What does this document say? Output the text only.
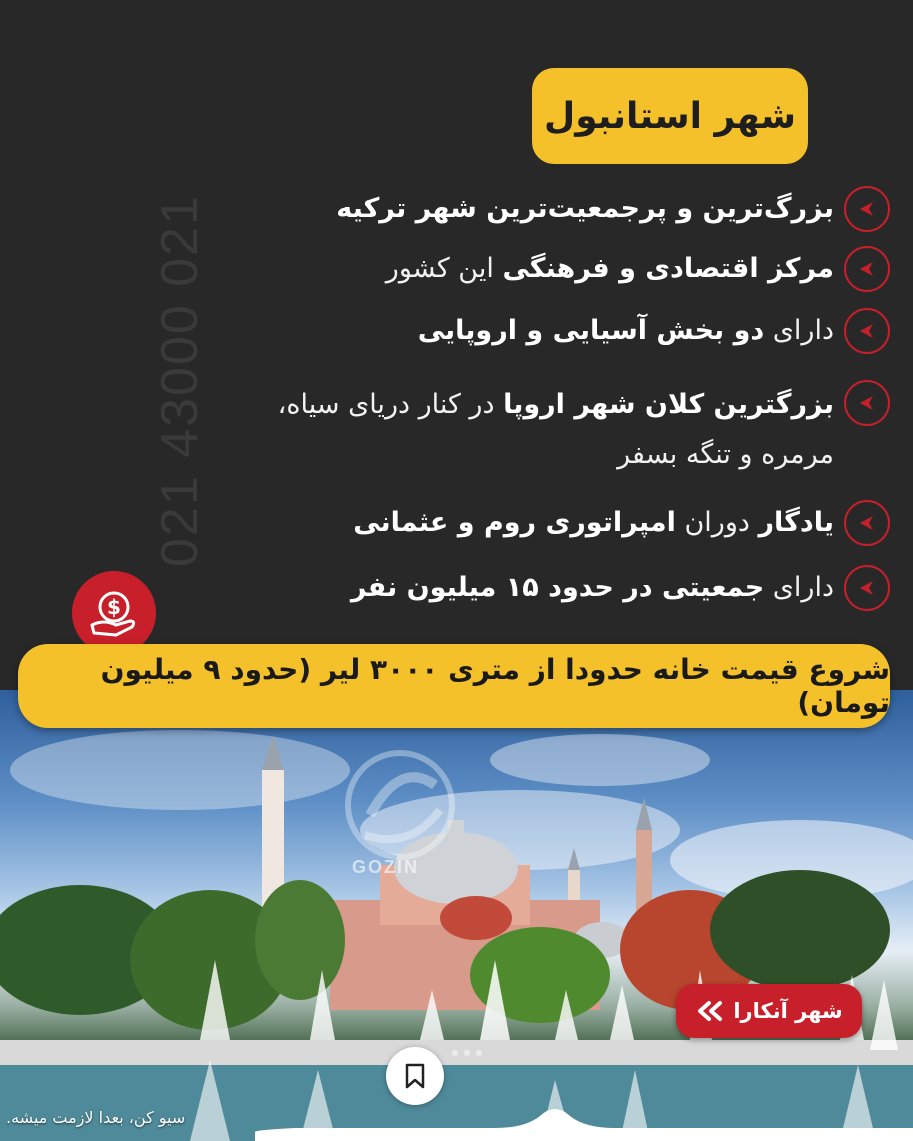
021 43000 021
شهر استانبول
بزرگ‌ترین و پرجمعیت‌ترین شهر ترکیه
مرکز اقتصادی و فرهنگی این کشور
دارای دو بخش آسیایی و اروپایی
بزرگترین کلان شهر اروپا در کنار دریای سیاه، مرمره و تنگه بسفر
یادگار دوران امپراتوری روم و عثمانی
دارای جمعیتی در حدود ۱۵ میلیون نفر
GOZIN
$
شروع قیمت خانه حدودا از متری ۳۰۰۰ لیر (حدود ۹ میلیون تومان)
شهر آنکارا
سیو کن، بعدا لازمت میشه.
